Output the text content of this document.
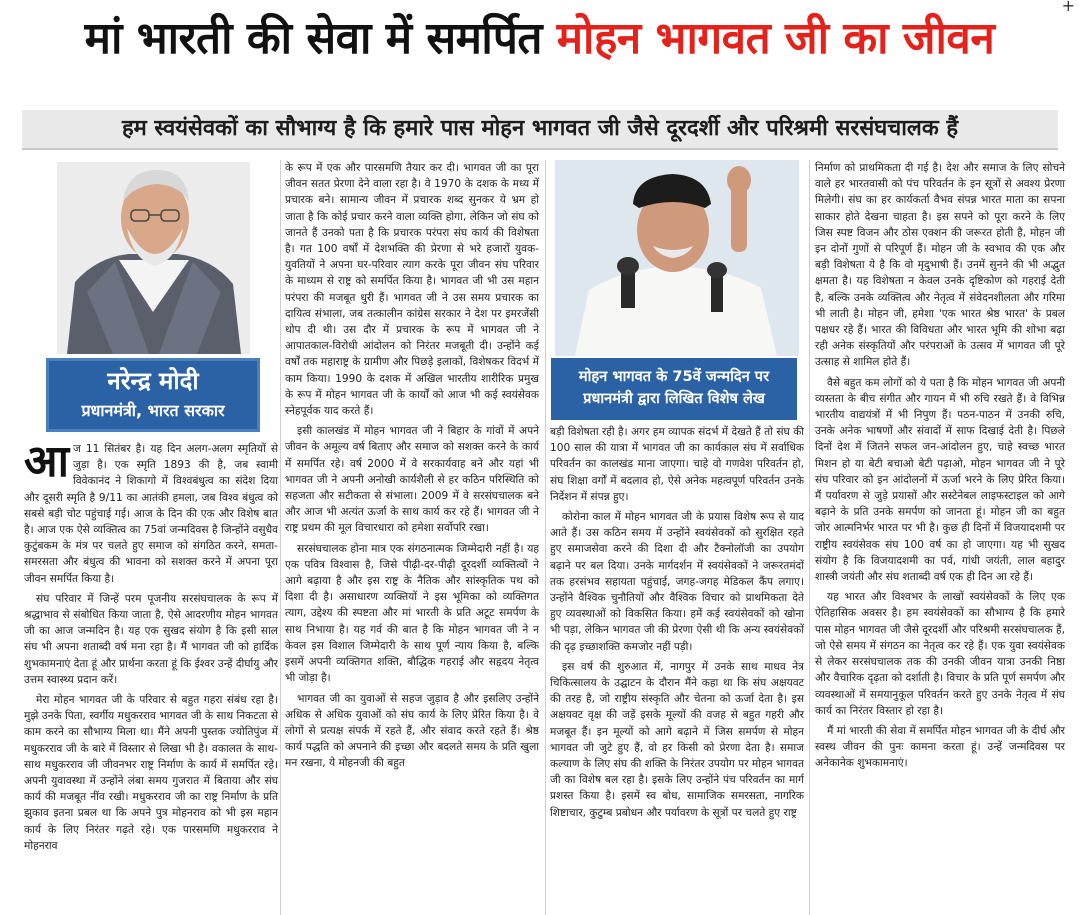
+
मां भारती की सेवा में समर्पित मोहन भागवत जी का जीवन
हम स्वयंसेवकों का सौभाग्य है कि हमारे पास मोहन भागवत जी जैसे दूरदर्शी और परिश्रमी सरसंघचालक हैं
नरेन्द्र मोदी
प्रधानमंत्री, भारत सरकार

आज 11 सितंबर है। यह दिन अलग-अलग स्मृतियों से जुड़ा है। एक स्मृति 1893 की है, जब स्वामी विवेकानंद ने शिकागो में विश्वबंधुत्व का संदेश दिया और दूसरी स्मृति है 9/11 का आतंकी हमला, जब विश्व बंधुत्व को सबसे बड़ी चोट पहुंचाई गई। आज के दिन की एक और विशेष बात है। आज एक ऐसे व्यक्तित्व का 75वां जन्मदिवस है जिन्होंने वसुधैव कुटुंबकम के मंत्र पर चलते हुए समाज को संगठित करने, समता-समरसता और बंधुत्व की भावना को सशक्त करने में अपना पूरा जीवन समर्पित किया है।

संघ परिवार में जिन्हें परम पूजनीय सरसंघचालक के रूप में श्रद्धाभाव से संबोधित किया जाता है, ऐसे आदरणीय मोहन भागवत जी का आज जन्मदिन है। यह एक सुखद संयोग है कि इसी साल संघ भी अपना शताब्दी वर्ष मना रहा है। मैं भागवत जी को हार्दिक शुभकामनाएं देता हूं और प्रार्थना करता हूं कि ईश्वर उन्हें दीर्घायु और उत्तम स्वास्थ्य प्रदान करें।

मेरा मोहन भागवत जी के परिवार से बहुत गहरा संबंध रहा है। मुझे उनके पिता, स्वर्गीय मधुकरराव भागवत जी के साथ निकटता से काम करने का सौभाग्य मिला था। मैंने अपनी पुस्तक ज्योतिपुंज में मधुकरराव जी के बारे में विस्तार से लिखा भी है। वकालत के साथ-साथ मधुकरराव जी जीवनभर राष्ट्र निर्माण के कार्य में समर्पित रहे। अपनी युवावस्था में उन्होंने लंबा समय गुजरात में बिताया और संघ कार्य की मजबूत नींव रखी। मधुकरराव जी का राष्ट्र निर्माण के प्रति झुकाव इतना प्रबल था कि अपने पुत्र मोहनराव को भी इस महान कार्य के लिए निरंतर गढ़ते रहे। एक पारसमणि मधुकरराव ने मोहनराव

के रूप में एक और पारसमणि तैयार कर दी। भागवत जी का पूरा जीवन सतत प्रेरणा देने वाला रहा है। वे 1970 के दशक के मध्य में प्रचारक बने। सामान्य जीवन में प्रचारक शब्द सुनकर ये भ्रम हो जाता है कि कोई प्रचार करने वाला व्यक्ति होगा, लेकिन जो संघ को जानते हैं उनको पता है कि प्रचारक परंपरा संघ कार्य की विशेषता है। गत 100 वर्षों में देशभक्ति की प्रेरणा से भरे हजारों युवक-युवतियों ने अपना घर-परिवार त्याग करके पूरा जीवन संघ परिवार के माध्यम से राष्ट्र को समर्पित किया है। भागवत जी भी उस महान परंपरा की मजबूत धुरी हैं। भागवत जी ने उस समय प्रचारक का दायित्व संभाला, जब तत्कालीन कांग्रेस सरकार ने देश पर इमरजेंसी थोप दी थी। उस दौर में प्रचारक के रूप में भागवत जी ने आपातकाल-विरोधी आंदोलन को निरंतर मजबूती दी। उन्होंने कई वर्षों तक महाराष्ट्र के ग्रामीण और पिछड़े इलाकों, विशेषकर विदर्भ में काम किया। 1990 के दशक में अखिल भारतीय शारीरिक प्रमुख के रूप में मोहन भागवत जी के कार्यों को आज भी कई स्वयंसेवक स्नेहपूर्वक याद करते हैं।

इसी कालखंड में मोहन भागवत जी ने बिहार के गांवों में अपने जीवन के अमूल्य वर्ष बिताए और समाज को सशक्त करने के कार्य में समर्पित रहे। वर्ष 2000 में वे सरकार्यवाह बने और यहां भी भागवत जी ने अपनी अनोखी कार्यशैली से हर कठिन परिस्थिति को सहजता और सटीकता से संभाला। 2009 में वे सरसंघचालक बने और आज भी अत्यंत ऊर्जा के साथ कार्य कर रहे हैं। भागवत जी ने राष्ट्र प्रथम की मूल विचारधारा को हमेशा सर्वोपरि रखा।

सरसंघचालक होना मात्र एक संगठनात्मक जिम्मेदारी नहीं है। यह एक पवित्र विश्वास है, जिसे पीढ़ी-दर-पीढ़ी दूरदर्शी व्यक्तित्वों ने आगे बढ़ाया है और इस राष्ट्र के नैतिक और सांस्कृतिक पथ को दिशा दी है। असाधारण व्यक्तियों ने इस भूमिका को व्यक्तिगत त्याग, उद्देश्य की स्पष्टता और मां भारती के प्रति अटूट समर्पण के साथ निभाया है। यह गर्व की बात है कि मोहन भागवत जी ने न केवल इस विशाल जिम्मेदारी के साथ पूर्ण न्याय किया है, बल्कि इसमें अपनी व्यक्तिगत शक्ति, बौद्धिक गहराई और सहृदय नेतृत्व भी जोड़ा है।

भागवत जी का युवाओं से सहज जुड़ाव है और इसलिए उन्होंने अधिक से अधिक युवाओं को संघ कार्य के लिए प्रेरित किया है। वे लोगों से प्रत्यक्ष संपर्क में रहते हैं, और संवाद करते रहते हैं। श्रेष्ठ कार्य पद्धति को अपनाने की इच्छा और बदलते समय के प्रति खुला मन रखना, ये मोहनजी की बहुत

मोहन भागवत के 75वें जन्मदिन पर
प्रधानमंत्री द्वारा लिखित विशेष लेख

बड़ी विशेषता रही है। अगर हम व्यापक संदर्भ में देखते हैं तो संघ की 100 साल की यात्रा में भागवत जी का कार्यकाल संघ में सर्वाधिक परिवर्तन का कालखंड माना जाएगा। चाहे वो गणवेश परिवर्तन हो, संघ शिक्षा वर्गों में बदलाव हो, ऐसे अनेक महत्वपूर्ण परिवर्तन उनके निर्देशन में संपन्न हुए।

कोरोना काल में मोहन भागवत जी के प्रयास विशेष रूप से याद आते हैं। उस कठिन समय में उन्होंने स्वयंसेवकों को सुरक्षित रहते हुए समाजसेवा करने की दिशा दी और टैक्नोलॉजी का उपयोग बढ़ाने पर बल दिया। उनके मार्गदर्शन में स्वयंसेवकों ने जरूरतमंदों तक हरसंभव सहायता पहुंचाई, जगह-जगह मेडिकल कैंप लगाए। उन्होंने वैश्विक चुनौतियों और वैश्विक विचार को प्राथमिकता देते हुए व्यवस्थाओं को विकसित किया। हमें कई स्वयंसेवकों को खोना भी पड़ा, लेकिन भागवत जी की प्रेरणा ऐसी थी कि अन्य स्वयंसेवकों की दृढ़ इच्छाशक्ति कमजोर नहीं पड़ी।

इस वर्ष की शुरुआत में, नागपुर में उनके साथ माधव नेत्र चिकित्सालय के उद्घाटन के दौरान मैंने कहा था कि संघ अक्षयवट की तरह है, जो राष्ट्रीय संस्कृति और चेतना को ऊर्जा देता है। इस अक्षयवट वृक्ष की जड़ें इसके मूल्यों की वजह से बहुत गहरी और मजबूत हैं। इन मूल्यों को आगे बढ़ाने में जिस समर्पण से मोहन भागवत जी जुटे हुए हैं, वो हर किसी को प्रेरणा देता है। समाज कल्याण के लिए संघ की शक्ति के निरंतर उपयोग पर मोहन भागवत जी का विशेष बल रहा है। इसके लिए उन्होंने पंच परिवर्तन का मार्ग प्रशस्त किया है। इसमें स्व बोध, सामाजिक समरसता, नागरिक शिष्टाचार, कुटुम्ब प्रबोधन और पर्यावरण के सूत्रों पर चलते हुए राष्ट्र

निर्माण को प्राथमिकता दी गई है। देश और समाज के लिए सोचने वाले हर भारतवासी को पंच परिवर्तन के इन सूत्रों से अवश्य प्रेरणा मिलेगी। संघ का हर कार्यकर्ता वैभव संपन्न भारत माता का सपना साकार होते देखना चाहता है। इस सपने को पूरा करने के लिए जिस स्पष्ट विजन और ठोस एक्शन की जरूरत होती है, मोहन जी इन दोनों गुणों से परिपूर्ण हैं। मोहन जी के स्वभाव की एक और बड़ी विशेषता ये है कि वो मृदुभाषी हैं। उनमें सुनने की भी अद्भुत क्षमता है। यह विशेषता न केवल उनके दृष्टिकोण को गहराई देती है, बल्कि उनके व्यक्तित्व और नेतृत्व में संवेदनशीलता और गरिमा भी लाती है। मोहन जी, हमेशा 'एक भारत श्रेष्ठ भारत' के प्रबल पक्षधर रहे हैं। भारत की विविधता और भारत भूमि की शोभा बढ़ा रही अनेक संस्कृतियों और परंपराओं के उत्सव में भागवत जी पूरे उत्साह से शामिल होते हैं।

वैसे बहुत कम लोगों को ये पता है कि मोहन भागवत जी अपनी व्यस्तता के बीच संगीत और गायन में भी रुचि रखते हैं। वे विभिन्न भारतीय वाद्ययंत्रों में भी निपुण हैं। पठन-पाठन में उनकी रुचि, उनके अनेक भाषणों और संवादों में साफ दिखाई देती है। पिछले दिनों देश में जितने सफल जन-आंदोलन हुए, चाहे स्वच्छ भारत मिशन हो या बेटी बचाओ बेटी पढ़ाओ, मोहन भागवत जी ने पूरे संघ परिवार को इन आंदोलनों में ऊर्जा भरने के लिए प्रेरित किया। मैं पर्यावरण से जुड़े प्रयासों और सस्टेनेबल लाइफस्टाइल को आगे बढ़ाने के प्रति उनके समर्पण को जानता हूं। मोहन जी का बहुत जोर आत्मनिर्भर भारत पर भी है। कुछ ही दिनों में विजयादशमी पर राष्ट्रीय स्वयंसेवक संघ 100 वर्ष का हो जाएगा। यह भी सुखद संयोग है कि विजयादशमी का पर्व, गांधी जयंती, लाल बहादुर शास्त्री जयंती और संघ शताब्दी वर्ष एक ही दिन आ रहे हैं।

यह भारत और विश्वभर के लाखों स्वयंसेवकों के लिए एक ऐतिहासिक अवसर है। हम स्वयंसेवकों का सौभाग्य है कि हमारे पास मोहन भागवत जी जैसे दूरदर्शी और परिश्रमी सरसंघचालक हैं, जो ऐसे समय में संगठन का नेतृत्व कर रहे हैं। एक युवा स्वयंसेवक से लेकर सरसंघचालक तक की उनकी जीवन यात्रा उनकी निष्ठा और वैचारिक दृढ़ता को दर्शाती है। विचार के प्रति पूर्ण समर्पण और व्यवस्थाओं में समयानुकूल परिवर्तन करते हुए उनके नेतृत्व में संघ कार्य का निरंतर विस्तार हो रहा है।

मैं मां भारती की सेवा में समर्पित मोहन भागवत जी के दीर्घ और स्वस्थ जीवन की पुनः कामना करता हूं। उन्हें जन्मदिवस पर अनेकानेक शुभकामनाएं।
